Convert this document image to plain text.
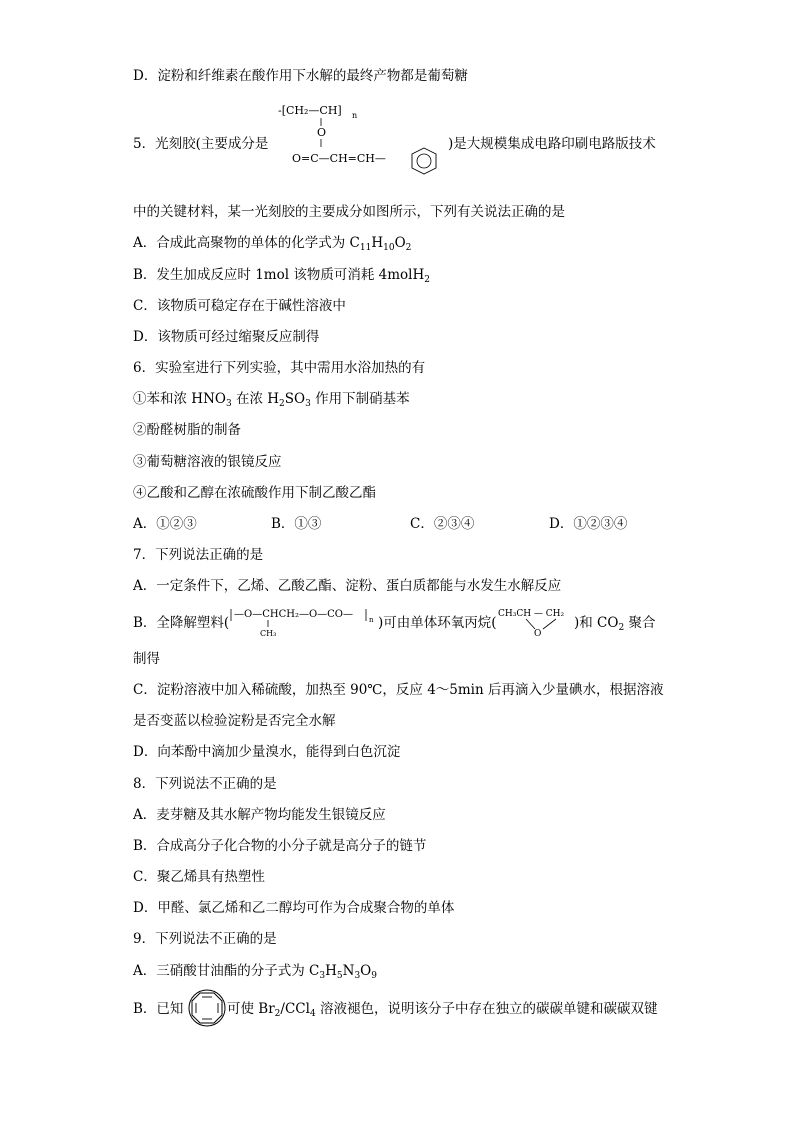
D．淀粉和纤维素在酸作用下水解的最终产物都是葡萄糖
-[CH₂—CH] n
O
O=C—CH=CH—
5．光刻胶(主要成分是	)是大规模集成电路印刷电路版技术
中的关键材料，某一光刻胶的主要成分如图所示，下列有关说法正确的是
A．合成此高聚物的单体的化学式为 $C_{11}H_{10}O_2$
B．发生加成反应时 1mol 该物质可消耗 4molH$_2$
C．该物质可稳定存在于碱性溶液中
D．该物质可经过缩聚反应制得
6．实验室进行下列实验，其中需用水浴加热的有
①苯和浓 $HNO_3$ 在浓 $H_2SO_3$ 作用下制硝基苯
②酚醛树脂的制备
③葡萄糖溶液的银镜反应
④乙酸和乙醇在浓硫酸作用下制乙酸乙酯
A．①②③	B．①③	C．②③④	D．①②③④
7．下列说法正确的是
A．一定条件下，乙烯、乙酸乙酯、淀粉、蛋白质都能与水发生水解反应
B．全降解塑料(
—O—CHCH₂—O—CO— n
CH₃
)可由单体环氧丙烷(
CH₃CH — CH₂
O
)和 $CO_2$ 聚合
制得
C．淀粉溶液中加入稀硫酸，加热至 90℃，反应 4～5min 后再滴入少量碘水，根据溶液
是否变蓝以检验淀粉是否完全水解
D．向苯酚中滴加少量溴水，能得到白色沉淀
8．下列说法不正确的是
A．麦芽糖及其水解产物均能发生银镜反应
B．合成高分子化合物的小分子就是高分子的链节
C．聚乙烯具有热塑性
D．甲醛、氯乙烯和乙二醇均可作为合成聚合物的单体
9．下列说法不正确的是
A．三硝酸甘油酯的分子式为 $C_3H_5N_3O_9$
B．已知	可使 $Br_2/CCl_4$ 溶液褪色，说明该分子中存在独立的碳碳单键和碳碳双键
